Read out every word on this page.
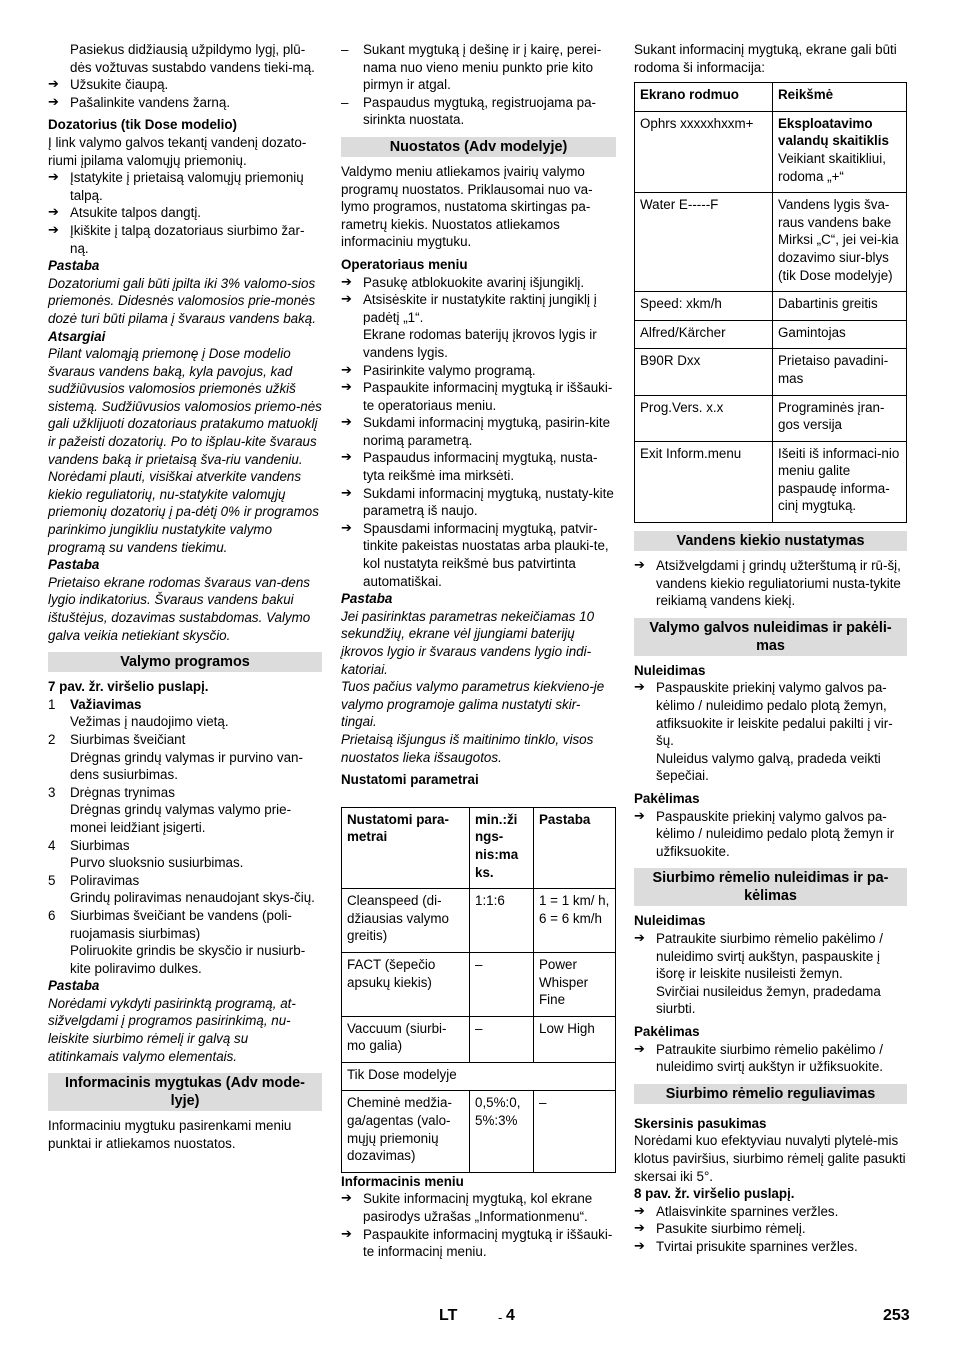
Pasiekus didžiausią užpildymo lygį, plū-dės vožtuvas sustabdo vandens tieki-mą.

➔ Užsukite čiaupą.

➔ Pašalinkite vandens žarną.

Dozatorius (tik Dose modelio)

Į link valymo galvos tekantį vandenį dozato-riumi įpilama valomųjų priemonių.

➔ Įstatykite į prietaisą valomųjų priemonių talpą.

➔ Atsukite talpos dangtį.

➔ Įkiškite į talpą dozatoriaus siurbimo žar-ną.

Pastaba

Dozatoriumi gali būti įpilta iki 3% valomo-sios priemonės. Didesnės valomosios prie-monės dozė turi būti pilama į švaraus vandens baką.

Atsargiai

Pilant valomąją priemonę į Dose modelio švaraus vandens baką, kyla pavojus, kad sudžiūvusios valomosios priemonės užkiš sistemą. Sudžiūvusios valomosios priemo-nės gali užklijuoti dozatoriaus pratakumo matuoklį ir pažeisti dozatorių. Po to išplau-kite švaraus vandens baką ir prietaisą šva-riu vandeniu. Norėdami plauti, visiškai atverkite vandens kiekio reguliatorių, nu-statykite valomųjų priemonių dozatorių į pa-dėtį 0% ir programos parinkimo jungikliu nustatykite valymo programą su vandens tiekimu.

Pastaba

Prietaiso ekrane rodomas švaraus van-dens lygio indikatorius. Švaraus vandens bakui ištuštėjus, dozavimas sustabdomas. Valymo galva veikia netiekiant skysčio.

Valymo programos

7 pav. žr. viršelio puslapį.

1 Važiavimas

Vežimas į naudojimo vietą.

2 Siurbimas šveičiant

Drėgnas grindų valymas ir purvino van-dens susiurbimas.

3 Drėgnas trynimas

Drėgnas grindų valymas valymo prie-monei leidžiant įsigerti.

4 Siurbimas

Purvo sluoksnio susiurbimas.

5 Poliravimas

Grindų poliravimas nenaudojant skys-čių.

6 Siurbimas šveičiant be vandens (poli-ruojamasis siurbimas)

Poliruokite grindis be skysčio ir nusiurb-kite poliravimo dulkes.

Pastaba

Norėdami vykdyti pasirinktą programą, at-sižvelgdami į programos pasirinkimą, nu-leiskite siurbimo rėmelį ir galvą su atitinkamais valymo elementais.

Informacinis mygtukas (Adv mode-lyje)

Informaciniu mygtuku pasirenkami meniu punktai ir atliekamos nuostatos.

– Sukant mygtuką į dešinę ir į kairę, perei-nama nuo vieno meniu punkto prie kito pirmyn ir atgal.

– Paspaudus mygtuką, registruojama pa-sirinkta nuostata.

Nuostatos (Adv modelyje)

Valdymo meniu atliekamos įvairių valymo programų nuostatos. Priklausomai nuo va-lymo programos, nustatoma skirtingas pa-rametrų kiekis. Nuostatos atliekamos informaciniu mygtuku.

Operatoriaus meniu

➔ Pasukę atblokuokite avarinį išjungiklį.

➔ Atsisėskite ir nustatykite raktinį jungiklį į padėtį „1“.

Ekrane rodomas baterijų įkrovos lygis ir vandens lygis.

➔ Pasirinkite valymo programą.

➔ Paspaukite informacinį mygtuką ir iššauki-te operatoriaus meniu.

➔ Sukdami informacinį mygtuką, pasirin-kite norimą parametrą.

➔ Paspaudus informacinį mygtuką, nusta-tyta reikšmė ima mirksėti.

➔ Sukdami informacinį mygtuką, nustaty-kite parametrą iš naujo.

➔ Spausdami informacinį mygtuką, patvir-tinkite pakeistas nuostatas arba plauki-te, kol nustatyta reikšmė bus patvirtinta automatiškai.

Pastaba

Jei pasirinktas parametras nekeičiamas 10 sekundžių, ekrane vėl įjungiami baterijų įkrovos lygio ir švaraus vandens lygio indi-katoriai.

Tuos pačius valymo parametrus kiekvieno-je valymo programoje galima nustatyti skir-tingai.

Prietaisą išjungus iš maitinimo tinklo, visos nuostatos lieka išsaugotos.

Nustatomi parametrai

Nustatomi para-metrai	min.:ži ngs-nis:ma ks.	Pastaba
Cleanspeed (di-džiausias valymo greitis)	1:1:6	1 = 1 km/ h, 6 = 6 km/h
FACT (šepečio apsukų kiekis)	–	Power Whisper Fine
Vaccuum (siurbi-mo galia)	–	Low High
Tik Dose modelyje		
Cheminė medžia-ga/agentas (valo-mųjų priemonių dozavimas)	0,5%:0, 5%:3%	–

Informacinis meniu

➔ Sukite informacinį mygtuką, kol ekrane pasirodys užrašas „Informationmenu“.

➔ Paspaukite informacinį mygtuką ir iššauki-te informacinį meniu.

Sukant informacinį mygtuką, ekrane gali būti rodoma ši informacija:

Ekrano rodmuo	Reikšmė
Ophrs xxxxxhxxm+	Eksploatavimo valandų skaitiklis
Veikiant skaitikliui, rodoma „+“
Water E-----F	Vandens lygis šva-raus vandens bake Mirksi „C“, jei vei-kia dozavimo siur-blys (tik Dose modelyje)
Speed: xkm/h	Dabartinis greitis
Alfred/Kärcher	Gamintojas
B90R Dxx	Prietaiso pavadini-mas
Prog.Vers. x.x	Programinės įran-gos versija
Exit Inform.menu	Išeiti iš informaci-nio meniu galite paspaudę informa-cinį mygtuką.
Vandens kiekio nustatymas

➔ Atsižvelgdami į grindų užterštumą ir rū-šį, vandens kiekio reguliatoriumi nusta-tykite reikiamą vandens kiekį.

Valymo galvos nuleidimas ir pakėli-mas

Nuleidimas

➔ Paspauskite priekinį valymo galvos pa-kėlimo / nuleidimo pedalo plotą žemyn, atfiksuokite ir leiskite pedalui pakilti į vir-šų.

Nuleidus valymo galvą, pradeda veikti šepečiai.

Pakėlimas

➔ Paspauskite priekinį valymo galvos pa-kėlimo / nuleidimo pedalo plotą žemyn ir užfiksuokite.

Siurbimo rėmelio nuleidimas ir pa-kėlimas

Nuleidimas

➔ Patraukite siurbimo rėmelio pakėlimo / nuleidimo svirtį aukštyn, paspauskite į išorę ir leiskite nusileisti žemyn.

Svirčiai nusileidus žemyn, pradedama siurbti.

Pakėlimas

➔ Patraukite siurbimo rėmelio pakėlimo / nuleidimo svirtį aukštyn ir užfiksuokite.

Siurbimo rėmelio reguliavimas

Skersinis pasukimas

Norėdami kuo efektyviau nuvalyti plytelė-mis klotus paviršius, siurbimo rėmelį galite pasukti skersai iki 5°.

8 pav. žr. viršelio puslapį.

➔ Atlaisvinkite sparnines veržles.

➔ Pasukite siurbimo rėmelį.

➔ Tvirtai prisukite sparnines veržles.

LT	- 4	253
